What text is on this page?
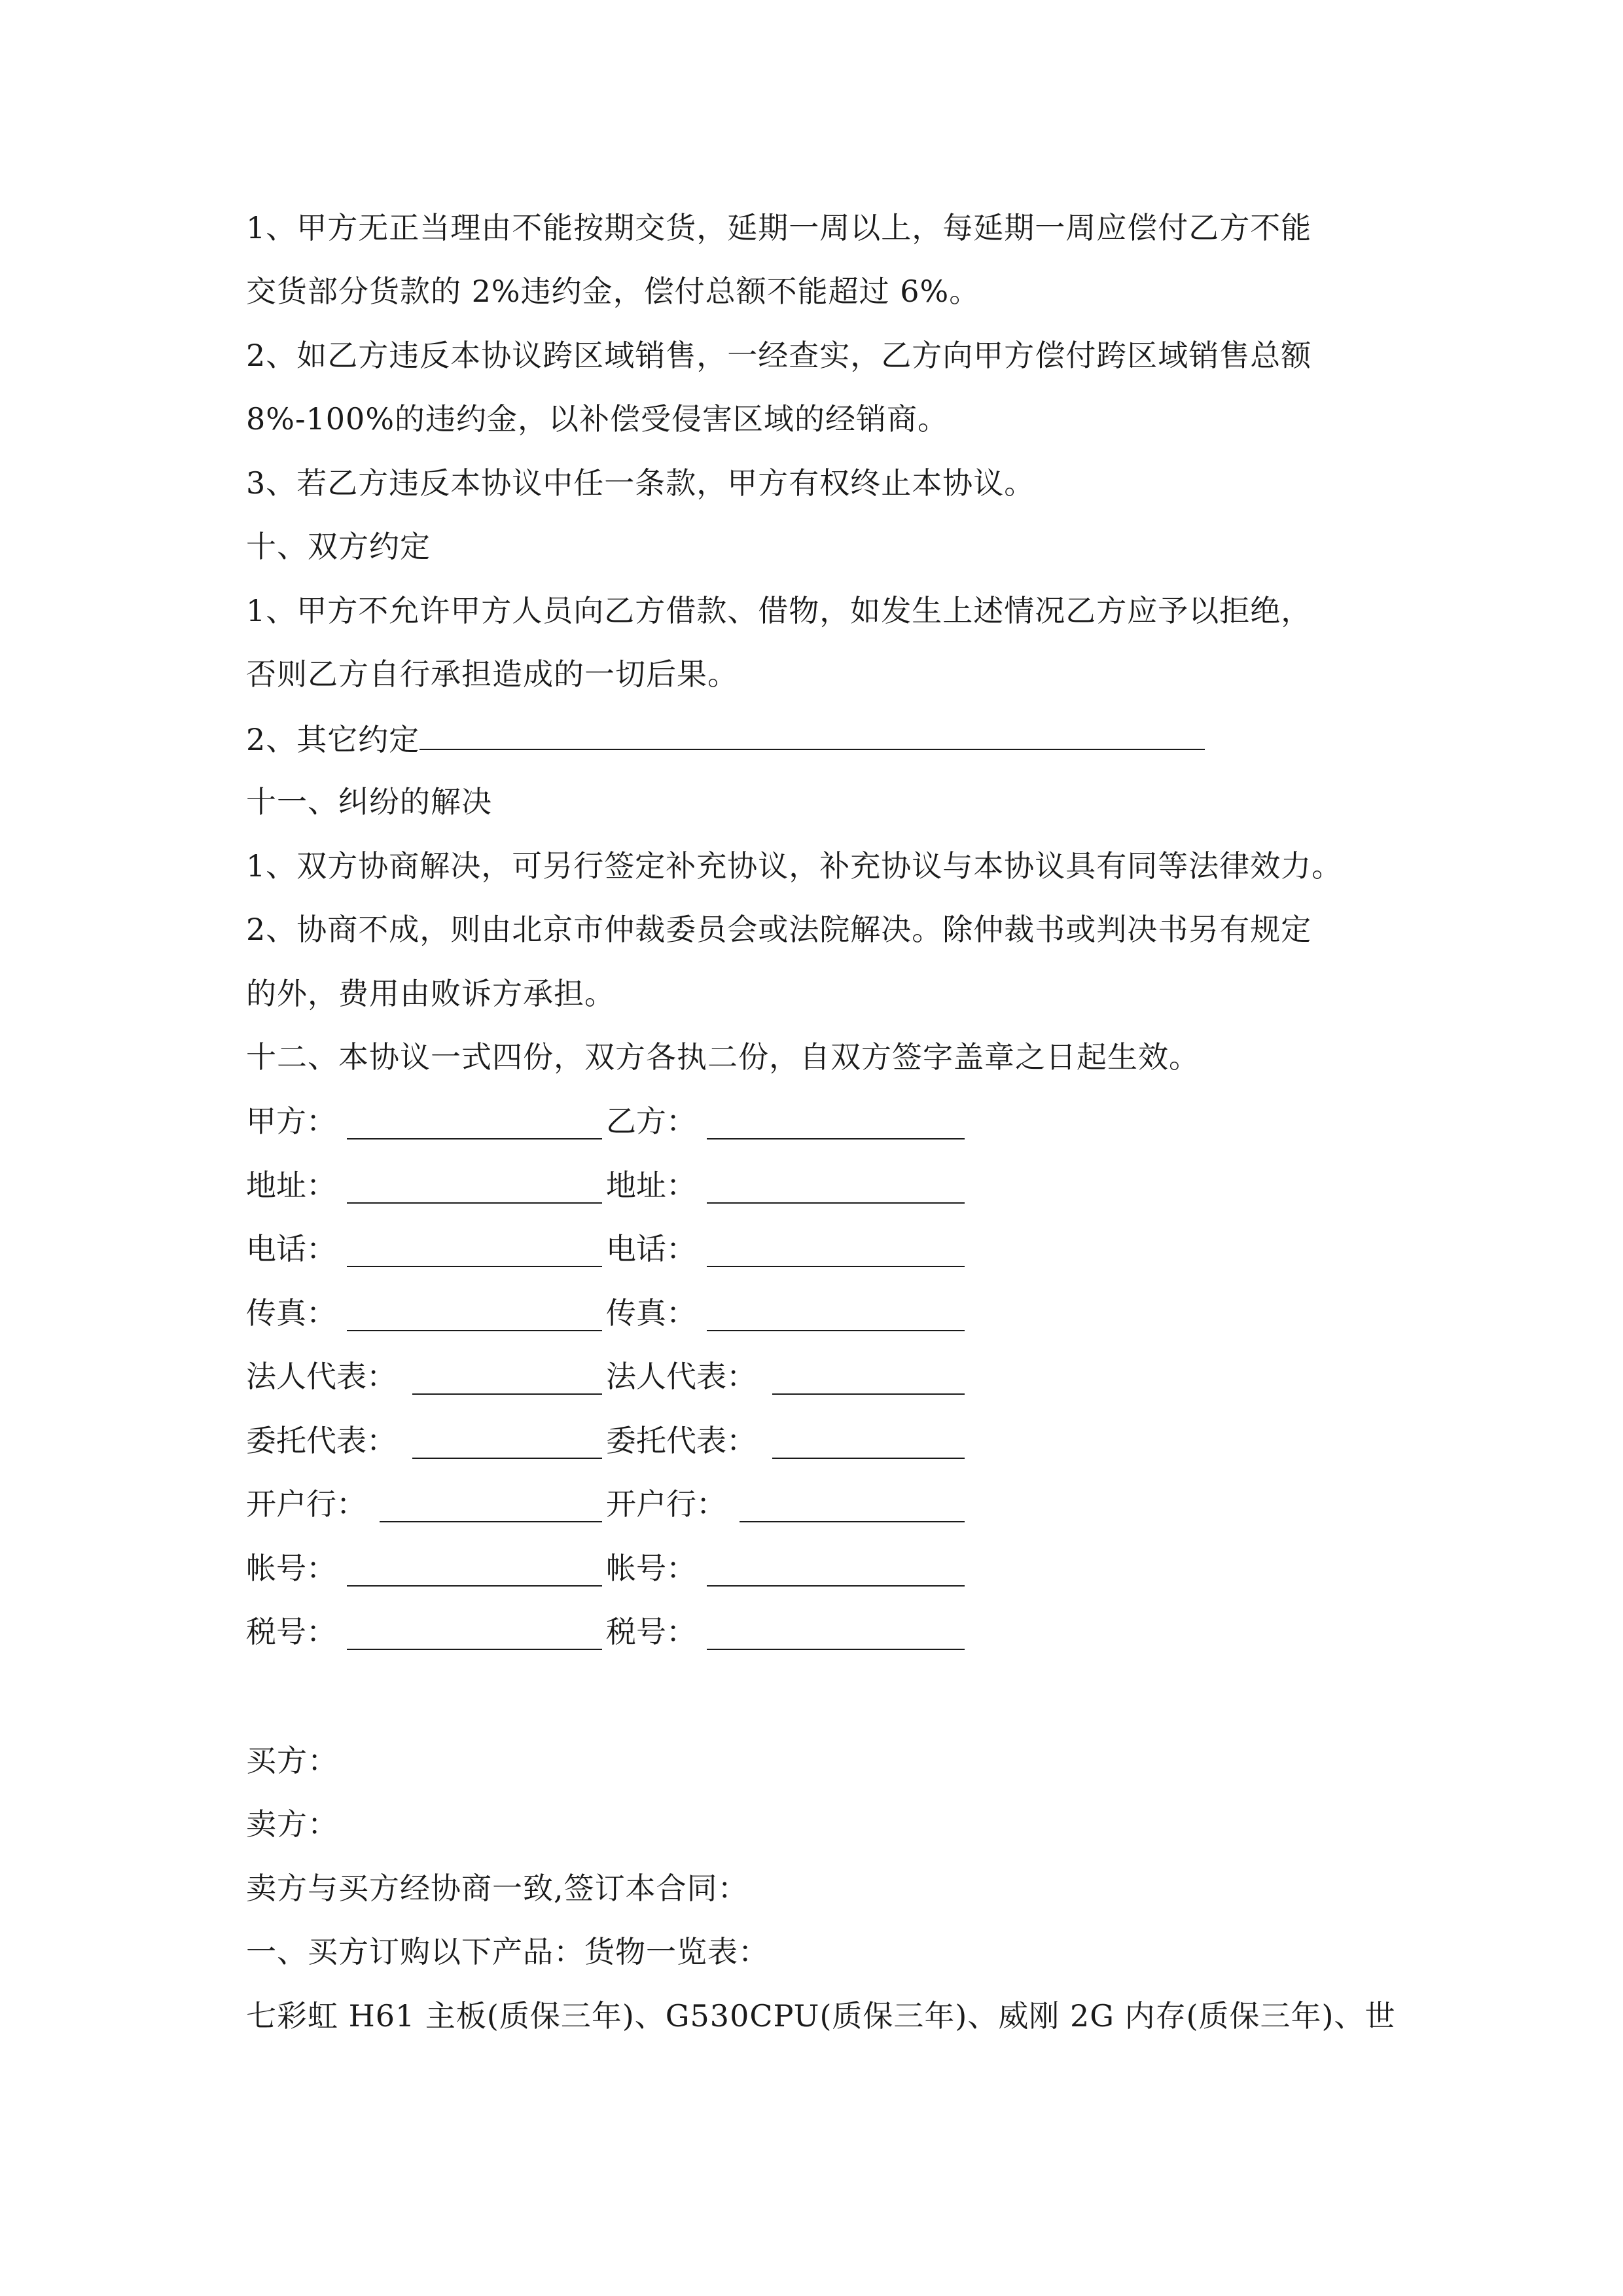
1、甲方无正当理由不能按期交货，延期一周以上，每延期一周应偿付乙方不能
交货部分货款的 2%违约金，偿付总额不能超过 6%。
2、如乙方违反本协议跨区域销售，一经查实，乙方向甲方偿付跨区域销售总额
8%-100%的违约金，以补偿受侵害区域的经销商。
3、若乙方违反本协议中任一条款，甲方有权终止本协议。
十、双方约定
1、甲方不允许甲方人员向乙方借款、借物，如发生上述情况乙方应予以拒绝，
否则乙方自行承担造成的一切后果。
2、其它约定
十一、纠纷的解决
1、双方协商解决，可另行签定补充协议，补充协议与本协议具有同等法律效力。
2、协商不成，则由北京市仲裁委员会或法院解决。除仲裁书或判决书另有规定
的外，费用由败诉方承担。
十二、本协议一式四份，双方各执二份，自双方签字盖章之日起生效。
甲方：	乙方：
地址：	地址：
电话：	电话：
传真：	传真：
法人代表：	法人代表：
委托代表：	委托代表：
开户行：	开户行：
帐号：	帐号：
税号：	税号：
买方：
卖方：
卖方与买方经协商一致,签订本合同：
一、买方订购以下产品：货物一览表：
七彩虹 H61 主板(质保三年)、G530CPU(质保三年)、威刚 2G 内存(质保三年)、世
